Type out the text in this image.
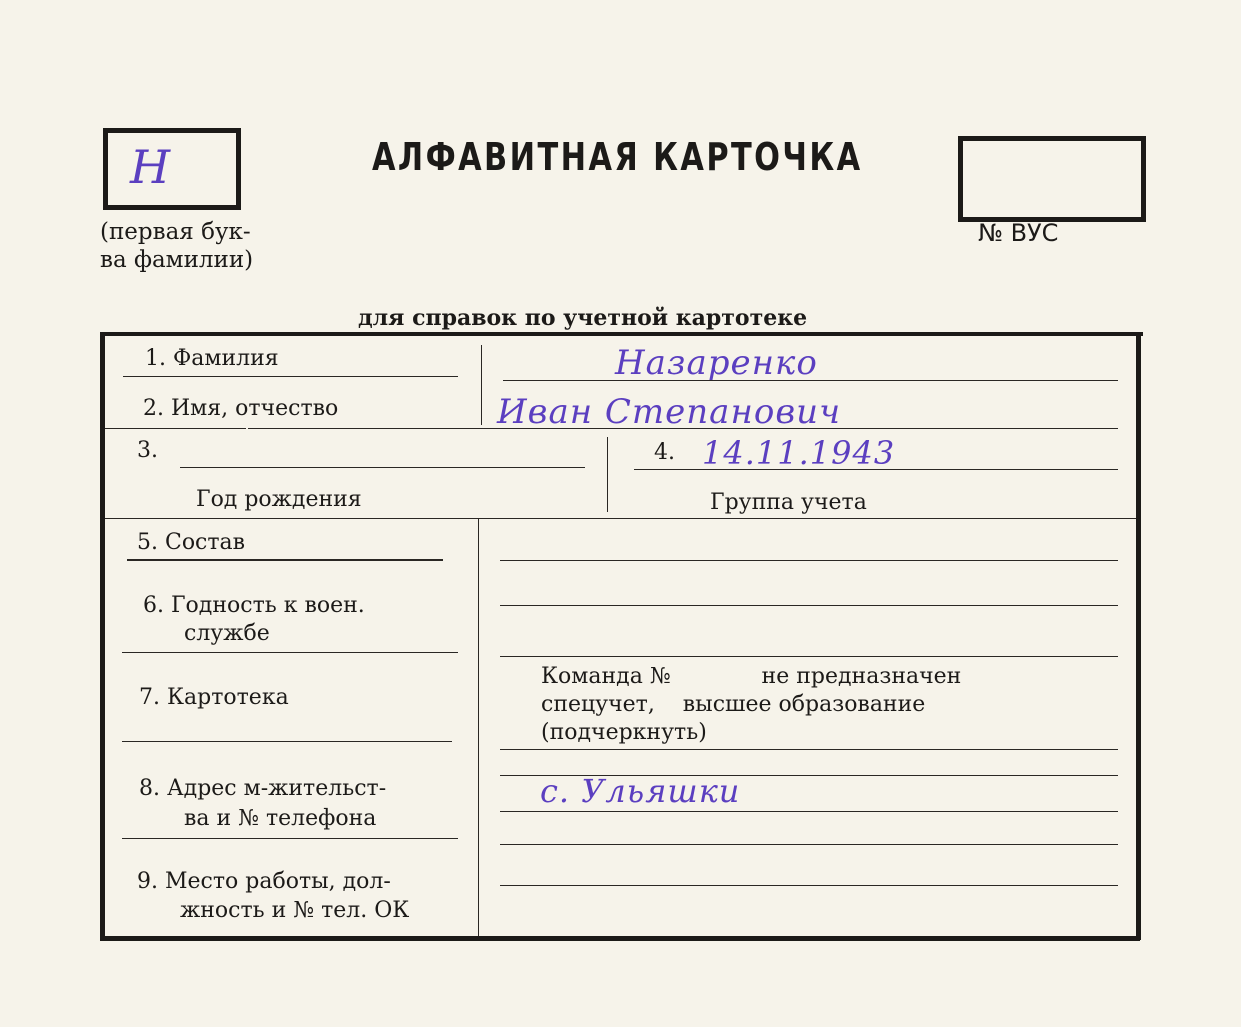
Н
(первая бук-
ва фамилии)
АЛФАВИТНАЯ КАРТОЧКА
№ ВУС
для справок по учетной картотеке
1. Фамилия	Назаренко
2. Имя, отчество	Иван Степанович
3.	4. 14.11.1943
Год рождения	Группа учета
5. Состав
6. Годность к воен.
службе
7. Картотека
Команда №             не предназначен
спецучет,    высшее образование
(подчеркнуть)
8. Адрес м-жительст-
ва и № телефона
с. Ульяшки
9. Место работы, дол-
жность и № тел. ОК
